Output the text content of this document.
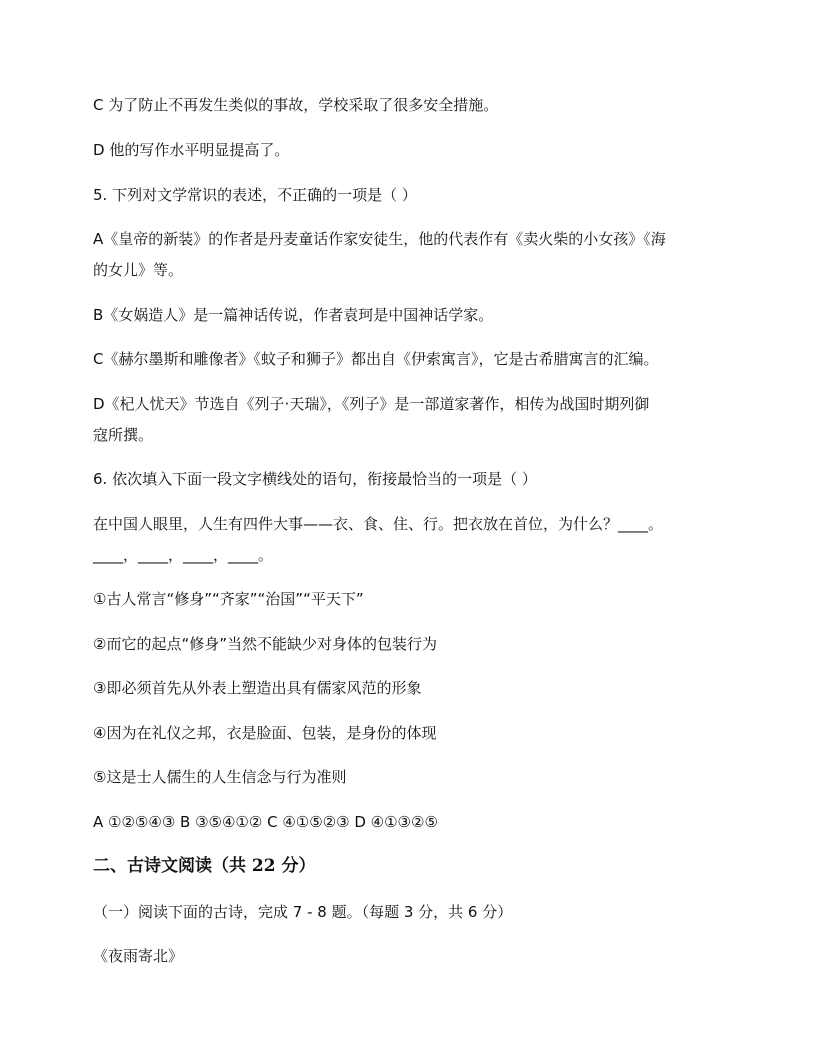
C 为了防止不再发生类似的事故，学校采取了很多安全措施。

D 他的写作水平明显提高了。

5. 下列对文学常识的表述，不正确的一项是（ ）

A《皇帝的新装》的作者是丹麦童话作家安徒生，他的代表作有《卖火柴的小女孩》《海

的女儿》等。

B《女娲造人》是一篇神话传说，作者袁珂是中国神话学家。

C《赫尔墨斯和雕像者》《蚊子和狮子》都出自《伊索寓言》，它是古希腊寓言的汇编。

D《杞人忧天》节选自《列子·天瑞》，《列子》是一部道家著作，相传为战国时期列御

寇所撰。

6. 依次填入下面一段文字横线处的语句，衔接最恰当的一项是（ ）

在中国人眼里，人生有四件大事——衣、食、住、行。把衣放在首位，为什么？____。

____，____，____，____。

①古人常言“修身”“齐家”“治国”“平天下”

②而它的起点“修身”当然不能缺少对身体的包装行为

③即必须首先从外表上塑造出具有儒家风范的形象

④因为在礼仪之邦，衣是脸面、包装，是身份的体现

⑤这是士人儒生的人生信念与行为准则

A ①②⑤④③ B ③⑤④①② C ④①⑤②③ D ④①③②⑤

二、古诗文阅读（共 22 分）

（一）阅读下面的古诗，完成 7 - 8 题。（每题 3 分，共 6 分）

《夜雨寄北》
